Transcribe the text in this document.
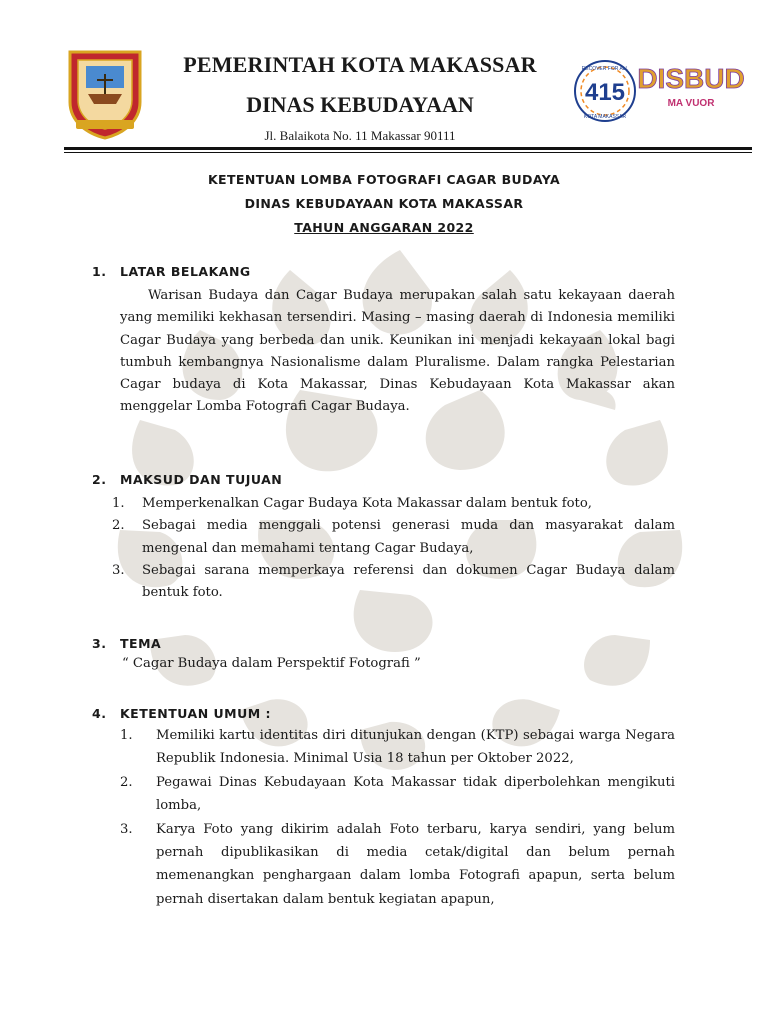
PEMERINTAH KOTA MAKASSAR
DINAS KEBUDAYAAN
Jl. Balaikota No. 11 Makassar 90111
415
RECOVER FOR ALL
KOTA MAKASSAR
DISBUD
MA VUOR
KETENTUAN LOMBA FOTOGRAFI CAGAR BUDAYA
DINAS KEBUDAYAAN KOTA MAKASSAR
TAHUN ANGGARAN 2022
1. LATAR BELAKANG

Warisan Budaya dan Cagar Budaya merupakan salah satu kekayaan daerah yang memiliki kekhasan tersendiri. Masing – masing daerah di Indonesia memiliki Cagar Budaya yang berbeda dan unik. Keunikan ini menjadi kekayaan lokal bagi tumbuh kembangnya Nasionalisme dalam Pluralisme. Dalam rangka Pelestarian Cagar budaya di Kota Makassar, Dinas Kebudayaan Kota Makassar akan menggelar Lomba Fotografi Cagar Budaya.

2. MAKSUD DAN TUJUAN
1. Memperkenalkan Cagar Budaya Kota Makassar dalam bentuk foto,
2. Sebagai media menggali potensi generasi muda dan masyarakat dalam mengenal dan memahami tentang Cagar Budaya,
3. Sebagai sarana memperkaya referensi dan dokumen Cagar Budaya dalam bentuk foto.
3. TEMA
“ Cagar Budaya dalam Perspektif Fotografi ”
4. KETENTUAN UMUM :
1. Memiliki kartu identitas diri ditunjukan dengan (KTP) sebagai warga Negara Republik Indonesia. Minimal Usia 18 tahun per Oktober 2022,
2. Pegawai Dinas Kebudayaan Kota Makassar tidak diperbolehkan mengikuti lomba,
3. Karya Foto yang dikirim adalah Foto terbaru, karya sendiri, yang belum pernah dipublikasikan di media cetak/digital dan belum pernah memenangkan penghargaan dalam lomba Fotografi apapun, serta belum pernah disertakan dalam bentuk kegiatan apapun,
